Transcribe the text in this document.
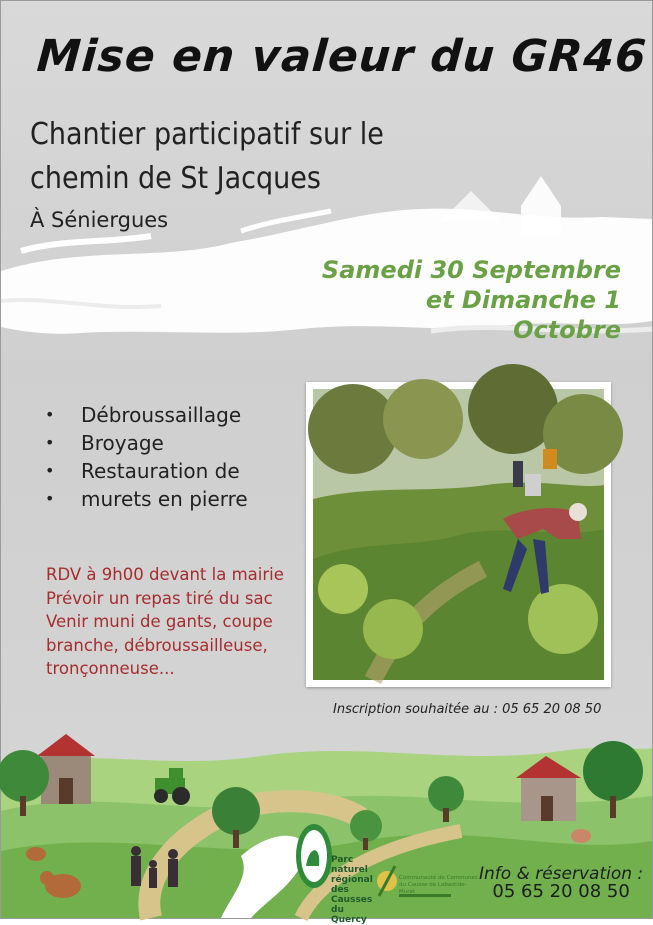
Mise en valeur du GR46
Chantier participatif sur le
chemin de St Jacques
À Séniergues
Samedi 30 Septembre
et Dimanche 1 Octobre
• Débroussaillage
• Broyage
• Restauration de
• murets en pierre
RDV à 9h00 devant la mairie
Prévoir un repas tiré du sac
Venir muni de gants, coupe
branche, débroussailleuse,
tronçonneuse...
Inscription souhaitée au : 05 65 20 08 50
Parc
naturel
régional
des Causses
du Quercy
Communauté de Communes du Causse de Labastide-Murat
Info & réservation :
05 65 20 08 50
